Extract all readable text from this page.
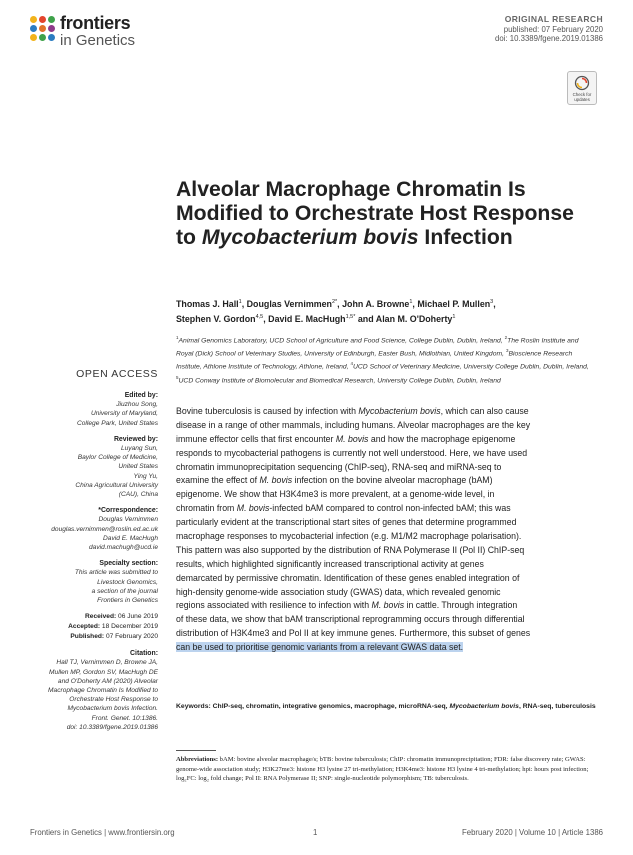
frontiers
in Genetics
ORIGINAL RESEARCH
published: 07 February 2020
doi: 10.3389/fgene.2019.01386
Check for updates
Alveolar Macrophage Chromatin Is Modified to Orchestrate Host Response to Mycobacterium bovis Infection
Thomas J. Hall$^1$, Douglas Vernimmen$^{2*}$, John A. Browne$^1$, Michael P. Mullen$^3$,
Stephen V. Gordon$^{4,5}$, David E. MacHugh$^{1,5*}$ and Alan M. O'Doherty$^1$
$^1$Animal Genomics Laboratory, UCD School of Agriculture and Food Science, College Dublin, Dublin, Ireland, $^2$The Roslin Institute and Royal (Dick) School of Veterinary Studies, University of Edinburgh, Easter Bush, Midlothian, United Kingdom, $^3$Bioscience Research Institute, Athlone Institute of Technology, Athlone, Ireland, $^4$UCD School of Veterinary Medicine, University College Dublin, Dublin, Ireland, $^5$UCD Conway Institute of Biomolecular and Biomedical Research, University College Dublin, Dublin, Ireland
OPEN ACCESS
Edited by:
Jiuzhou Song,
University of Maryland,
College Park, United States
Reviewed by:
Luyang Sun,
Baylor College of Medicine,
United States
Ying Yu,
China Agricultural University
(CAU), China
*Correspondence:
Douglas Vernimmen
douglas.vernimmen@roslin.ed.ac.uk
David E. MacHugh
david.machugh@ucd.ie
Specialty section:
This article was submitted to
Livestock Genomics,
a section of the journal
Frontiers in Genetics
Received: 06 June 2019
Accepted: 18 December 2019
Published: 07 February 2020
Citation:
Hall TJ, Vernimmen D, Browne JA,
Mullen MP, Gordon SV, MacHugh DE
and O'Doherty AM (2020) Alveolar
Macrophage Chromatin Is Modified to
Orchestrate Host Response to
Mycobacterium bovis Infection.
Front. Genet. 10:1386.
doi: 10.3389/fgene.2019.01386
Bovine tuberculosis is caused by infection with Mycobacterium bovis, which can also cause
disease in a range of other mammals, including humans. Alveolar macrophages are the key
immune effector cells that first encounter M. bovis and how the macrophage epigenome
responds to mycobacterial pathogens is currently not well understood. Here, we have used
chromatin immunoprecipitation sequencing (ChIP-seq), RNA-seq and miRNA-seq to
examine the effect of M. bovis infection on the bovine alveolar macrophage (bAM)
epigenome. We show that H3K4me3 is more prevalent, at a genome-wide level, in
chromatin from M. bovis-infected bAM compared to control non-infected bAM; this was
particularly evident at the transcriptional start sites of genes that determine programmed
macrophage responses to mycobacterial infection (e.g. M1/M2 macrophage polarisation).
This pattern was also supported by the distribution of RNA Polymerase II (Pol II) ChIP-seq
results, which highlighted significantly increased transcriptional activity at genes
demarcated by permissive chromatin. Identification of these genes enabled integration of
high-density genome-wide association study (GWAS) data, which revealed genomic
regions associated with resilience to infection with M. bovis in cattle. Through integration
of these data, we show that bAM transcriptional reprogramming occurs through differential
distribution of H3K4me3 and Pol II at key immune genes. Furthermore, this subset of genes
can be used to prioritise genomic variants from a relevant GWAS data set.
Keywords: ChIP-seq, chromatin, integrative genomics, macrophage, microRNA-seq, Mycobacterium bovis, RNA-seq, tuberculosis
Abbreviations: bAM: bovine alveolar macrophage/s; bTB: bovine tuberculosis; ChIP: chromatin immunoprecipitation; FDR: false discovery rate; GWAS: genome-wide association study; H3K27me3: histone H3 lysine 27 tri-methylation; H3K4me3: histone H3 lysine 4 tri-methylation; hpi: hours post infection; log₂FC: log₂ fold change; Pol II: RNA Polymerase II; SNP: single-nucleotide polymorphism; TB: tuberculosis.
Frontiers in Genetics | www.frontiersin.org	1	February 2020 | Volume 10 | Article 1386
